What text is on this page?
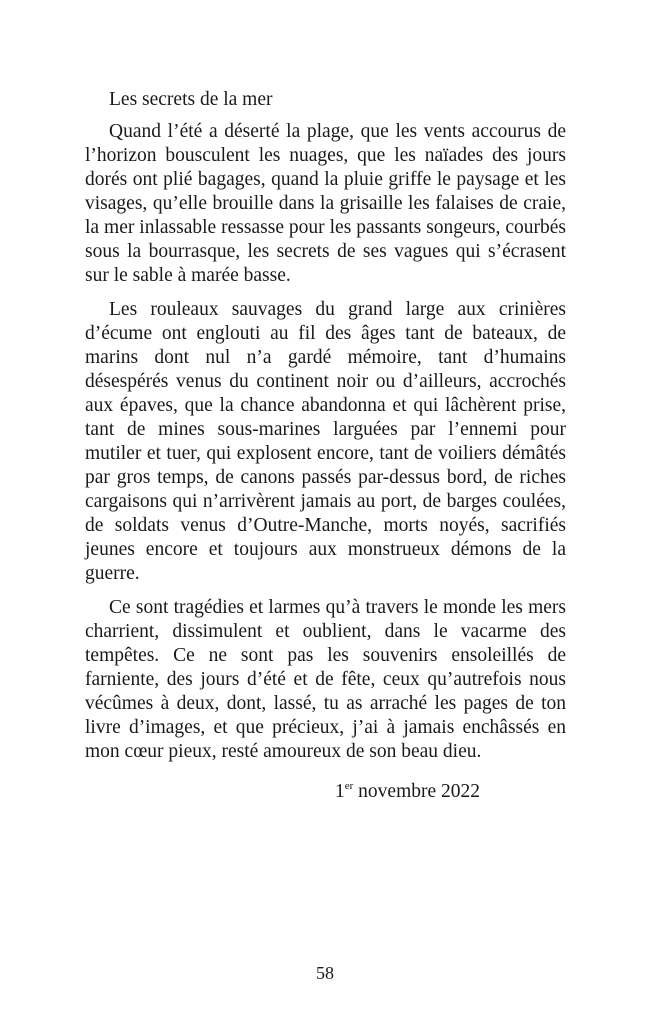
Les secrets de la mer

Quand l’été a déserté la plage, que les vents accourus de l’horizon bousculent les nuages, que les naïades des jours dorés ont plié bagages, quand la pluie griffe le paysage et les visages, qu’elle brouille dans la grisaille les falaises de craie, la mer inlassable ressasse pour les passants songeurs, courbés sous la bourrasque, les secrets de ses vagues qui s’écrasent sur le sable à marée basse.

Les rouleaux sauvages du grand large aux crinières d’écume ont englouti au fil des âges tant de bateaux, de marins dont nul n’a gardé mémoire, tant d’humains désespérés venus du continent noir ou d’ailleurs, accrochés aux épaves, que la chance abandonna et qui lâchèrent prise, tant de mines sous-marines larguées par l’ennemi pour mutiler et tuer, qui explosent encore, tant de voiliers démâtés par gros temps, de canons passés par-dessus bord, de riches cargaisons qui n’arrivèrent jamais au port, de barges coulées, de soldats venus d’Outre-Manche, morts noyés, sacrifiés jeunes encore et toujours aux monstrueux démons de la guerre.

Ce sont tragédies et larmes qu’à travers le monde les mers charrient, dissimulent et oublient, dans le vacarme des tempêtes. Ce ne sont pas les souvenirs ensoleillés de farniente, des jours d’été et de fête, ceux qu’autrefois nous vécûmes à deux, dont, lassé, tu as arraché les pages de ton livre d’images, et que précieux, j’ai à jamais enchâssés en mon cœur pieux, resté amoureux de son beau dieu.

1er novembre 2022
58
